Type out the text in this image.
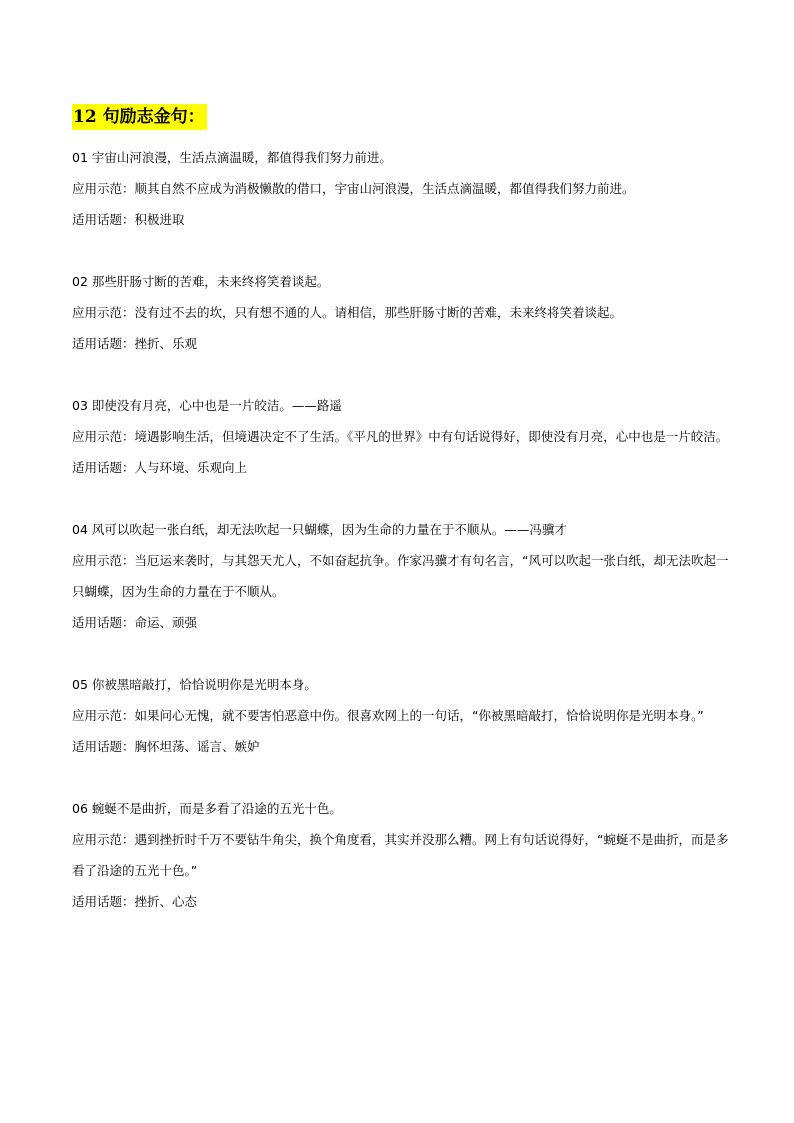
12 句励志金句：

01 宇宙山河浪漫，生活点滴温暖，都值得我们努力前进。

应用示范：顺其自然不应成为消极懒散的借口，宇宙山河浪漫，生活点滴温暖，都值得我们努力前进。

适用话题：积极进取

02 那些肝肠寸断的苦难，未来终将笑着谈起。

应用示范：没有过不去的坎，只有想不通的人。请相信，那些肝肠寸断的苦难，未来终将笑着谈起。

适用话题：挫折、乐观

03 即使没有月亮，心中也是一片皎洁。——路遥

应用示范：境遇影响生活，但境遇决定不了生活。《平凡的世界》中有句话说得好，即使没有月亮，心中也是一片皎洁。

适用话题：人与环境、乐观向上

04 风可以吹起一张白纸，却无法吹起一只蝴蝶，因为生命的力量在于不顺从。——冯骥才

应用示范：当厄运来袭时，与其怨天尤人，不如奋起抗争。作家冯骥才有句名言，“风可以吹起一张白纸，却无法吹起一只蝴蝶，因为生命的力量在于不顺从。

适用话题：命运、顽强

05 你被黑暗敲打，恰恰说明你是光明本身。

应用示范：如果问心无愧，就不要害怕恶意中伤。很喜欢网上的一句话，“你被黑暗敲打，恰恰说明你是光明本身。”

适用话题：胸怀坦荡、谣言、嫉妒

06 蜿蜒不是曲折，而是多看了沿途的五光十色。

应用示范：遇到挫折时千万不要钻牛角尖，换个角度看，其实并没那么糟。网上有句话说得好，“蜿蜒不是曲折，而是多看了沿途的五光十色。”

适用话题：挫折、心态
